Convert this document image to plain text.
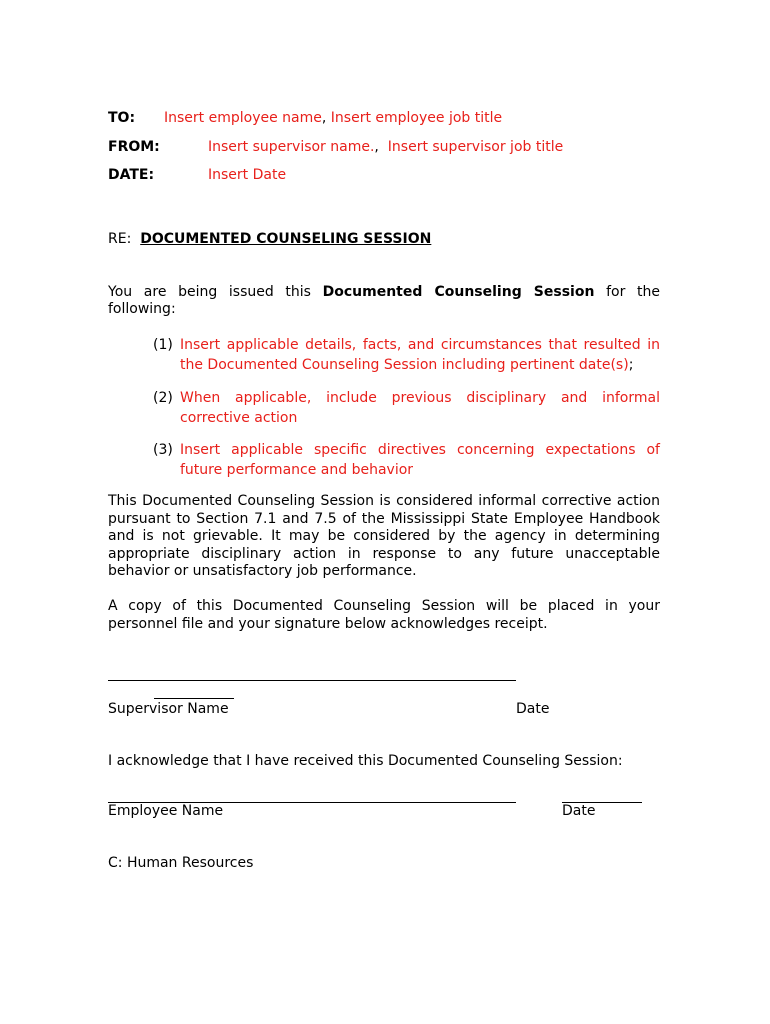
TO: Insert employee name, Insert employee job title
FROM:	Insert supervisor name., Insert supervisor job title
DATE:	Insert Date
RE: DOCUMENTED COUNSELING SESSION
You are being issued this Documented Counseling Session for the following:
(1) Insert applicable details, facts, and circumstances that resulted in the Documented Counseling Session including pertinent date(s);
(2) When applicable, include previous disciplinary and informal corrective action
(3) Insert applicable specific directives concerning expectations of future performance and behavior
This Documented Counseling Session is considered informal corrective action pursuant to Section 7.1 and 7.5 of the Mississippi State Employee Handbook and is not grievable. It may be considered by the agency in determining appropriate disciplinary action in response to any future unacceptable behavior or unsatisfactory job performance.
A copy of this Documented Counseling Session will be placed in your personnel file and your signature below acknowledges receipt.
Supervisor Name	Date
I acknowledge that I have received this Documented Counseling Session:
Employee Name	Date
C: Human Resources
